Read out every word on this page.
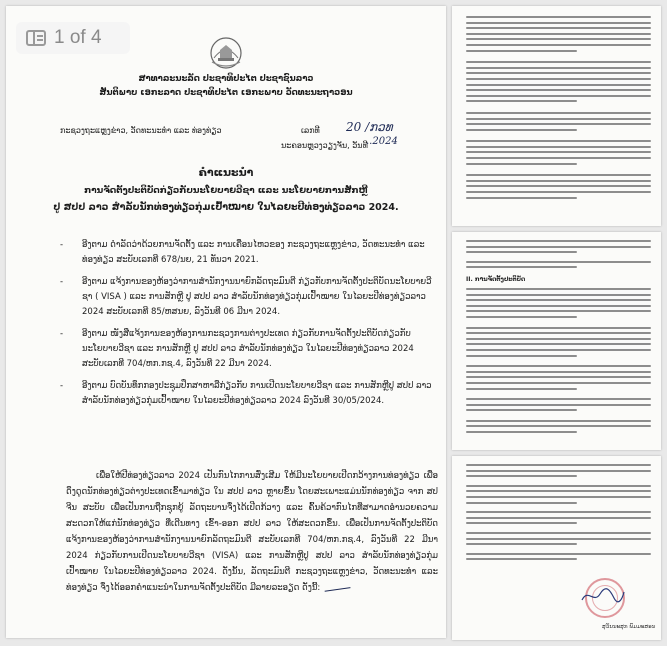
ສາທາລະນະລັດ ປະຊາທິປະໄຕ ປະຊາຊົນລາວ
ສັນຕິພາບ ເອກະລາດ ປະຊາທິປະໄຕ ເອກະພາບ ວັດທະນະຖາວອນ
ກະຊວງຖະແຫຼງຂ່າວ, ວັດທະນະທຳ ແລະ ທ່ອງທ່ຽວ	ເລກທີ 20 /ກວທ
ນະຄອນຫຼວງວຽງຈັນ, ວັນທີ
..2024
ຄຳແນະນຳ
ການຈັດຕັ້ງປະຕິບັດກ່ຽວກັບນະໂຍບາຍວີຊາ ແລະ ນະໂຍບາຍການສັກຫຼີ
ປູ ສປປ ລາວ ສຳລັບນັກທ່ອງທ່ຽວກຸ່ມເປົ້າໝາຍ ໃນໄລຍະປີທ່ອງທ່ຽວລາວ 2024.
-	ອີງຕາມ ດຳລັດວ່າດ້ວຍການຈັດຕັ້ງ ແລະ ການເຄື່ອນໄຫວຂອງ ກະຊວງຖະແຫຼງຂ່າວ, ວັດທະນະທຳ ແລະ ທ່ອງທ່ຽວ ສະບັບເລກທີ 678/ນຍ, 21 ທັນວາ 2021.
-	ອີງຕາມ ແຈ້ງການຂອງຫ້ອງວ່າການສຳນັກງານນາຍົກລັດຖະມົນຕີ ກ່ຽວກັບການຈັດຕັ້ງປະຕິບັດນະໂຍບາຍວີຊາ ( VISA ) ແລະ ການສັກຫຼີ ປູ ສປປ ລາວ ສຳລັບນັກທ່ອງທ່ຽວກຸ່ມເປົ້າໝາຍ ໃນໄລຍະປີທ່ອງທ່ຽວລາວ 2024 ສະບັບເລກທີ 85/ຫສນຍ, ລົງວັນທີ 06 ມີນາ 2024.
-	ອີງຕາມ ໜັງສືແຈ້ງການຂອງຫ້ອງການກະຊວງການຕ່າງປະເທດ ກ່ຽວກັບການຈັດຕັ້ງປະຕິບັດກ່ຽວກັບນະໂຍບາຍວີຊາ ແລະ ການສັກຫຼີ ປູ ສປປ ລາວ ສຳລັບນັກທ່ອງທ່ຽວ ໃນໄລຍະປີທ່ອງທ່ຽວລາວ 2024 ສະບັບເລກທີ 704/ຫກ.ກຊ.4, ລົງວັນທີ 22 ມີນາ 2024.
-	ອີງຕາມ ບົດບັນທຶກກອງປະຊຸມປຶກສາຫາລືກ່ຽວກັບ ການເປີດນະໂຍບາຍວີຊາ ແລະ ການສັກຫຼີປູ ສປປ ລາວ ສຳລັບນັກທ່ອງທ່ຽວກຸ່ມເປົ້າໝາຍ ໃນໄລຍະປີທ່ອງທ່ຽວລາວ 2024 ລົງວັນທີ 30/05/2024.
ເພື່ອໃຫ້ປີທ່ອງທ່ຽວລາວ 2024 ເປັນກົນໄກການສົ່ງເສີມ ໃຫ້ມີນະໂຍບາຍເປີດກວ້າງການທ່ອງທ່ຽວ ເພື່ອດຶງດູດນັກທ່ອງທ່ຽວຕ່າງປະເທດເຂົ້າມາທ່ຽວ ໃນ ສປປ ລາວ ຫຼາຍຂຶ້ນ ໂດຍສະເພາະແມ່ນນັກທ່ອງທ່ຽວ ຈາກ ສປ ຈີນ ສະບັບ ເພື່ອເປັນການຖືກຊຸກຍູ້ ລັດຖະບານຈຶ່ງໄດ້ເປີດກ້ວາງ ແລະ ຄົ້ນຄ້ວາກົນໄກທີ່ສາມາດອຳນວຍຄວາມສະດວກໃຫ້ແກ່ນັກທ່ອງທ່ຽວ ທີ່ເດີນທາງ ເຂົ້າ-ອອກ ສປປ ລາວ ໃຫ້ສະດວກຂຶ້ນ. ເພື່ອເປັນການຈັດຕັ້ງປະຕິບັດ ແຈ້ງການຂອງຫ້ອງວ່າການສຳນັກງານນາຍົກລັດຖະມົນຕີ ສະບັບເລກທີ 704/ຫກ.ກຊ.4, ລົງວັນທີ 22 ມີນາ 2024 ກ່ຽວກັບການເປີດນະໂຍບາຍວີຊາ (VISA) ແລະ ການສັກຫຼີປູ ສປປ ລາວ ສຳລັບນັກທ່ອງທ່ຽວກຸ່ມເປົ້າໝາຍ ໃນໄລຍະປີທ່ອງທ່ຽວລາວ 2024. ດັ່ງນັ້ນ, ລັດຖະມົນຕີ ກະຊວງຖະແຫຼງຂ່າວ, ວັດທະນະທຳ ແລະ ທ່ອງທ່ຽວ ຈຶ່ງໄດ້ອອກຄຳແນະນຳໃນການຈັດຕັ້ງປະຕິບັດ ມີລາຍລະອຽດ ດັ່ງນີ້:
1 of 4
II. ການຈັດຕັ້ງປະຕິບັດ
ສຸວັນນະສຸກ ພົມມະສອນ
